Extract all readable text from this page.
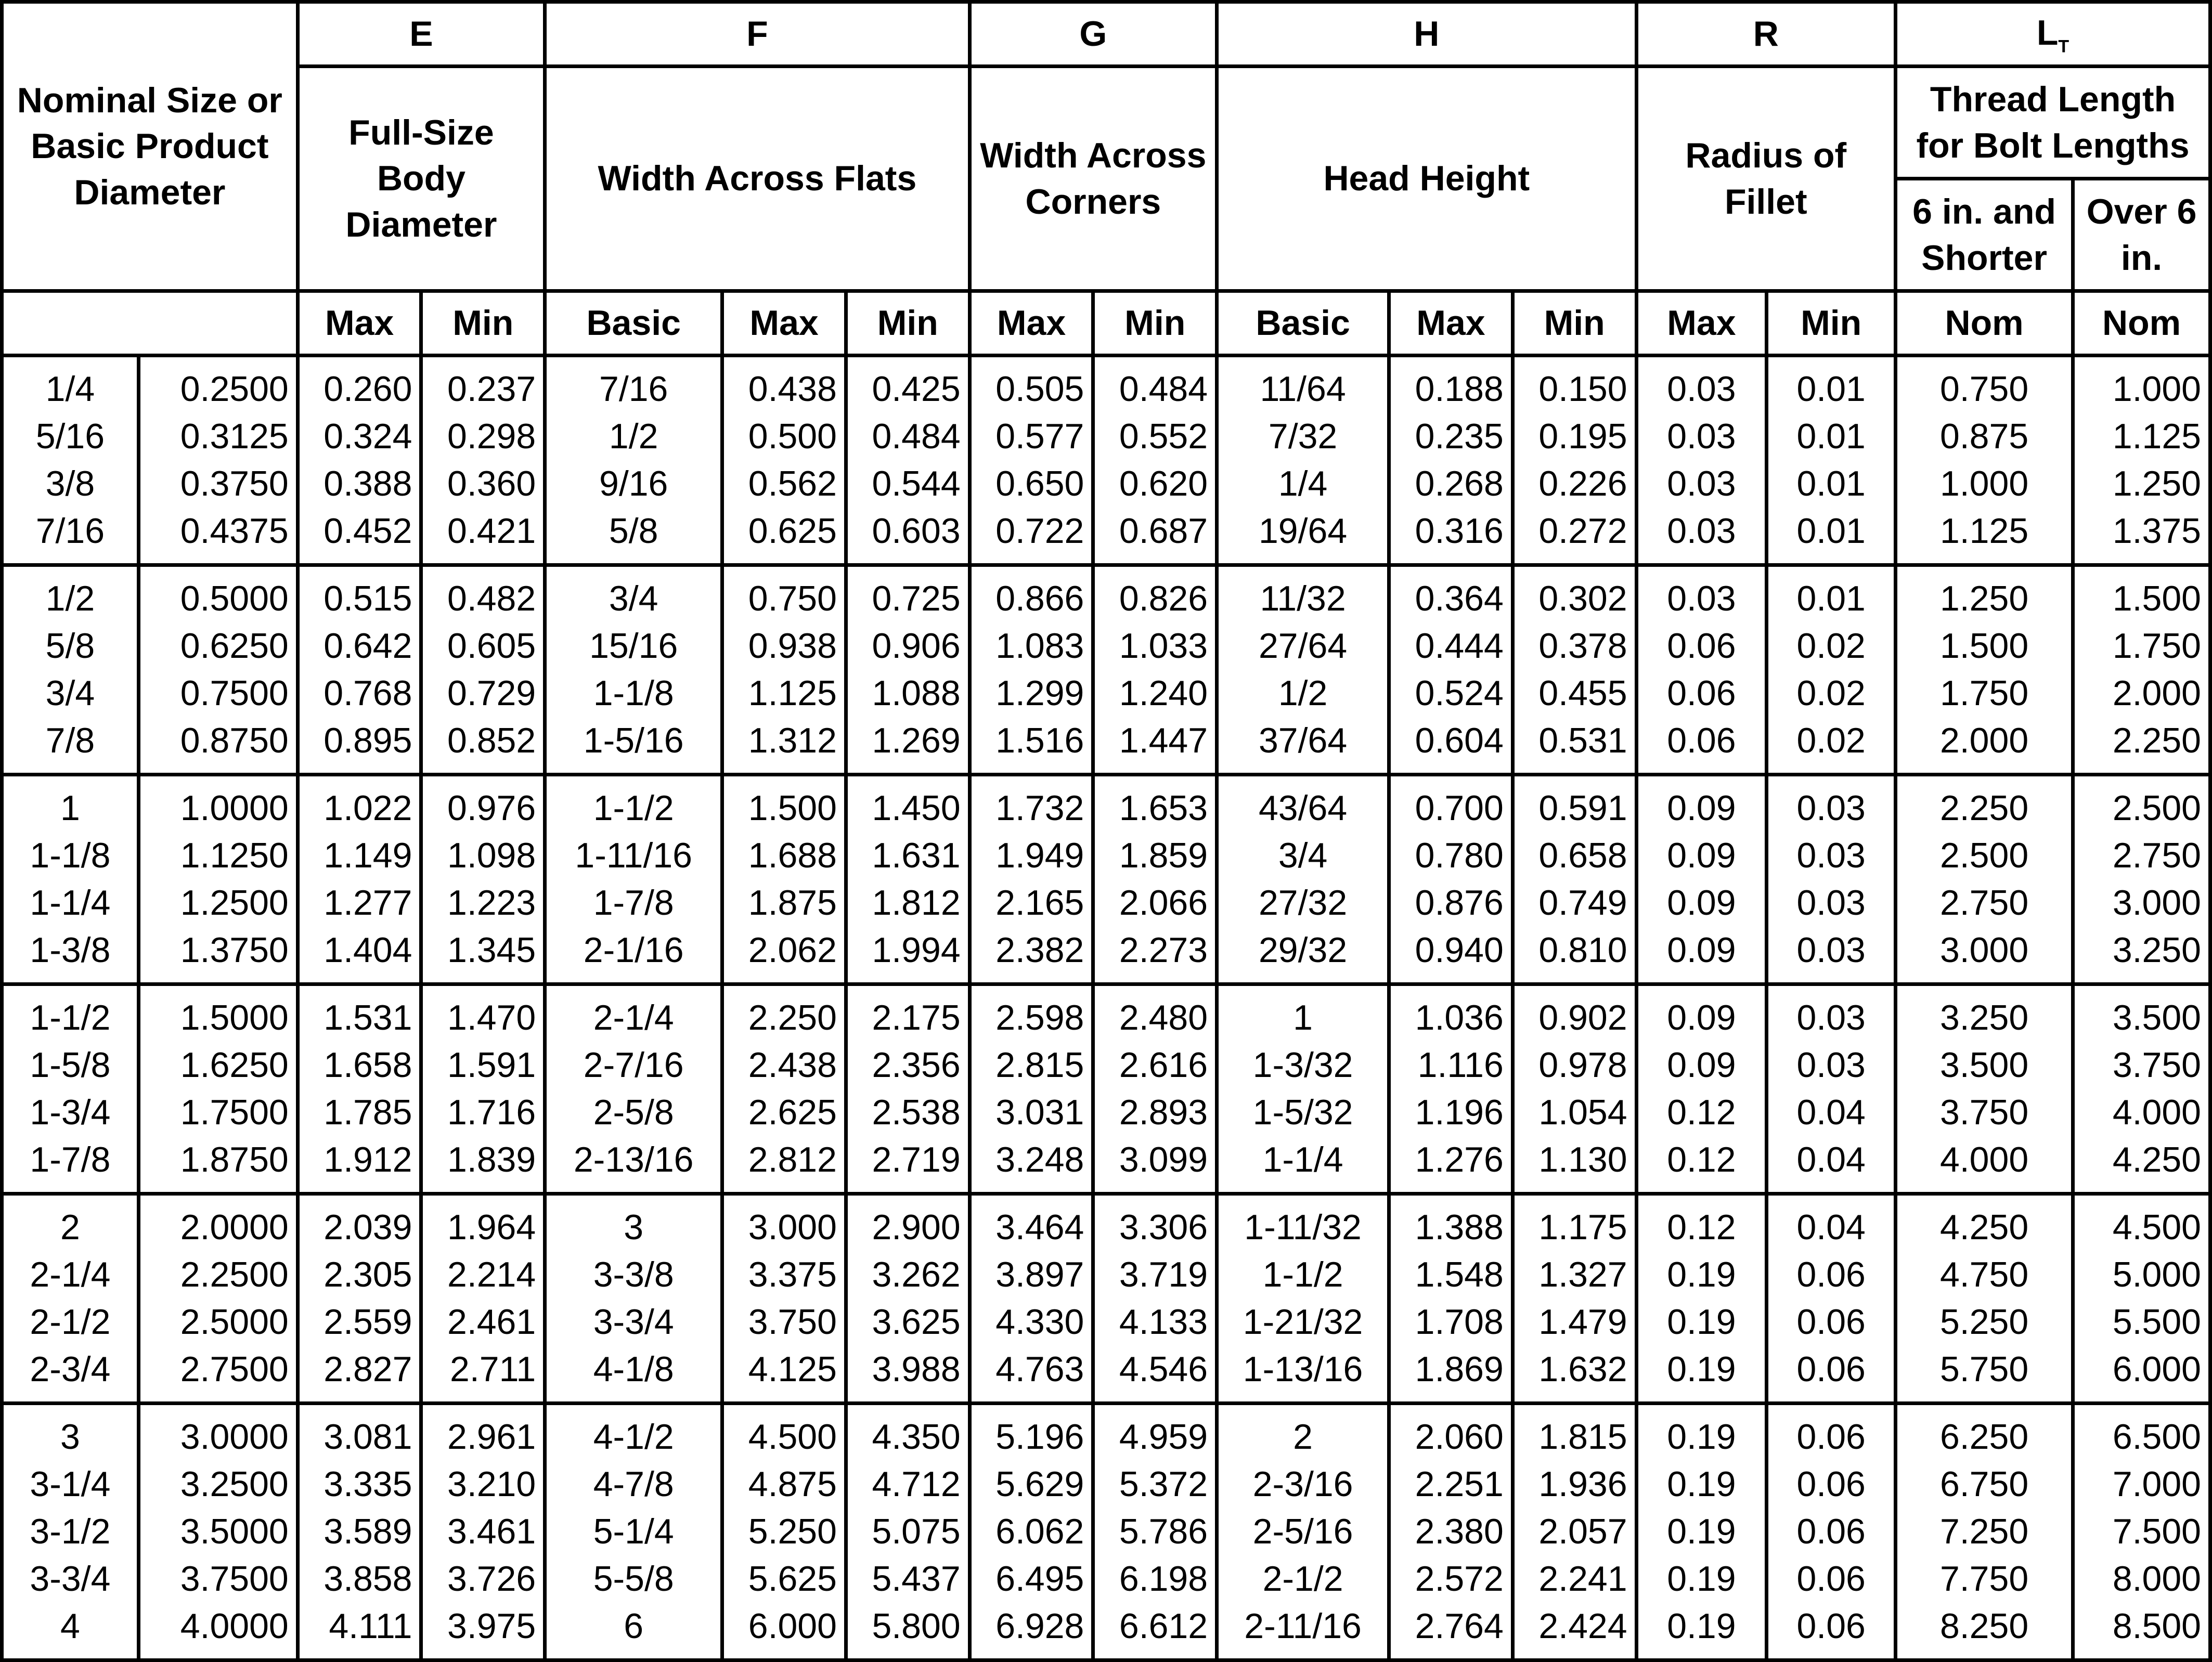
Nominal Size or Basic Product Diameter		E		F			G		H			R		$L_T$
		Full-Size Body Diameter		Width Across Flats			Width Across Corners		Head Height			Radius of Fillet		Thread Length for Bolt Lengths	
														6 in. and Shorter	Over 6 in.
		Max	Min	Basic	Max	Min	Max	Min	Basic	Max	Min	Max	Min	Nom	Nom
1/4	0.2500	0.260	0.237	7/16	0.438	0.425	0.505	0.484	11/64	0.188	0.150	0.03	0.01	0.750	1.000
5/16	0.3125	0.324	0.298	1/2	0.500	0.484	0.577	0.552	7/32	0.235	0.195	0.03	0.01	0.875	1.125
3/8	0.3750	0.388	0.360	9/16	0.562	0.544	0.650	0.620	1/4	0.268	0.226	0.03	0.01	1.000	1.250
7/16	0.4375	0.452	0.421	5/8	0.625	0.603	0.722	0.687	19/64	0.316	0.272	0.03	0.01	1.125	1.375
1/2	0.5000	0.515	0.482	3/4	0.750	0.725	0.866	0.826	11/32	0.364	0.302	0.03	0.01	1.250	1.500
5/8	0.6250	0.642	0.605	15/16	0.938	0.906	1.083	1.033	27/64	0.444	0.378	0.06	0.02	1.500	1.750
3/4	0.7500	0.768	0.729	1-1/8	1.125	1.088	1.299	1.240	1/2	0.524	0.455	0.06	0.02	1.750	2.000
7/8	0.8750	0.895	0.852	1-5/16	1.312	1.269	1.516	1.447	37/64	0.604	0.531	0.06	0.02	2.000	2.250
1	1.0000	1.022	0.976	1-1/2	1.500	1.450	1.732	1.653	43/64	0.700	0.591	0.09	0.03	2.250	2.500
1-1/8	1.1250	1.149	1.098	1-11/16	1.688	1.631	1.949	1.859	3/4	0.780	0.658	0.09	0.03	2.500	2.750
1-1/4	1.2500	1.277	1.223	1-7/8	1.875	1.812	2.165	2.066	27/32	0.876	0.749	0.09	0.03	2.750	3.000
1-3/8	1.3750	1.404	1.345	2-1/16	2.062	1.994	2.382	2.273	29/32	0.940	0.810	0.09	0.03	3.000	3.250
1-1/2	1.5000	1.531	1.470	2-1/4	2.250	2.175	2.598	2.480	1	1.036	0.902	0.09	0.03	3.250	3.500
1-5/8	1.6250	1.658	1.591	2-7/16	2.438	2.356	2.815	2.616	1-3/32	1.116	0.978	0.09	0.03	3.500	3.750
1-3/4	1.7500	1.785	1.716	2-5/8	2.625	2.538	3.031	2.893	1-5/32	1.196	1.054	0.12	0.04	3.750	4.000
1-7/8	1.8750	1.912	1.839	2-13/16	2.812	2.719	3.248	3.099	1-1/4	1.276	1.130	0.12	0.04	4.000	4.250
2	2.0000	2.039	1.964	3	3.000	2.900	3.464	3.306	1-11/32	1.388	1.175	0.12	0.04	4.250	4.500
2-1/4	2.2500	2.305	2.214	3-3/8	3.375	3.262	3.897	3.719	1-1/2	1.548	1.327	0.19	0.06	4.750	5.000
2-1/2	2.5000	2.559	2.461	3-3/4	3.750	3.625	4.330	4.133	1-21/32	1.708	1.479	0.19	0.06	5.250	5.500
2-3/4	2.7500	2.827	2.711	4-1/8	4.125	3.988	4.763	4.546	1-13/16	1.869	1.632	0.19	0.06	5.750	6.000
3	3.0000	3.081	2.961	4-1/2	4.500	4.350	5.196	4.959	2	2.060	1.815	0.19	0.06	6.250	6.500
3-1/4	3.2500	3.335	3.210	4-7/8	4.875	4.712	5.629	5.372	2-3/16	2.251	1.936	0.19	0.06	6.750	7.000
3-1/2	3.5000	3.589	3.461	5-1/4	5.250	5.075	6.062	5.786	2-5/16	2.380	2.057	0.19	0.06	7.250	7.500
3-3/4	3.7500	3.858	3.726	5-5/8	5.625	5.437	6.495	6.198	2-1/2	2.572	2.241	0.19	0.06	7.750	8.000
4	4.0000	4.111	3.975	6	6.000	5.800	6.928	6.612	2-11/16	2.764	2.424	0.19	0.06	8.250	8.500
